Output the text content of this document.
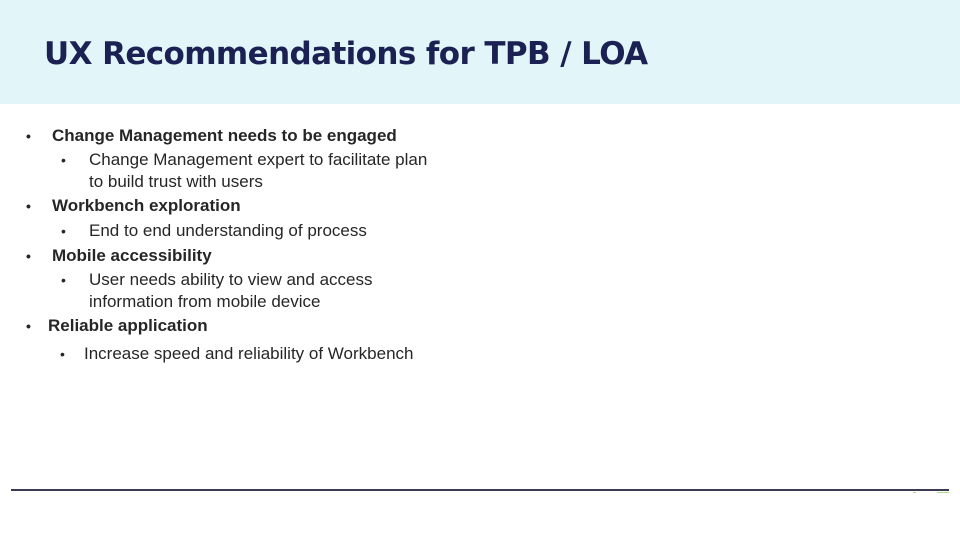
UX Recommendations for TPB / LOA
• Change Management needs to be engaged
• Change Management expert to facilitate plan
to build trust with users
• Workbench exploration
• End to end understanding of process
• Mobile accessibility
• User needs ability to view and access
information from mobile device
• Reliable application
• Increase speed and reliability of Workbench
